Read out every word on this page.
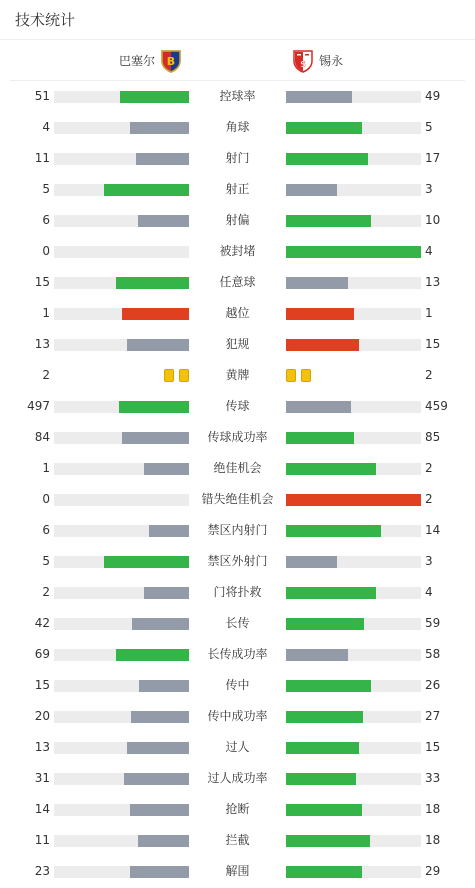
技术统计
巴塞尔 B	S 锡永
51	控球率	49
4	角球	5
11	射门	17
5	射正	3
6	射偏	10
0	被封堵	4
15	任意球	13
1	越位	1
13	犯规	15
2	黄牌	2
497	传球	459
84	传球成功率	85
1	绝佳机会	2
0	错失绝佳机会	2
6	禁区内射门	14
5	禁区外射门	3
2	门将扑救	4
42	长传	59
69	长传成功率	58
15	传中	26
20	传中成功率	27
13	过人	15
31	过人成功率	33
14	抢断	18
11	拦截	18
23	解围	29
